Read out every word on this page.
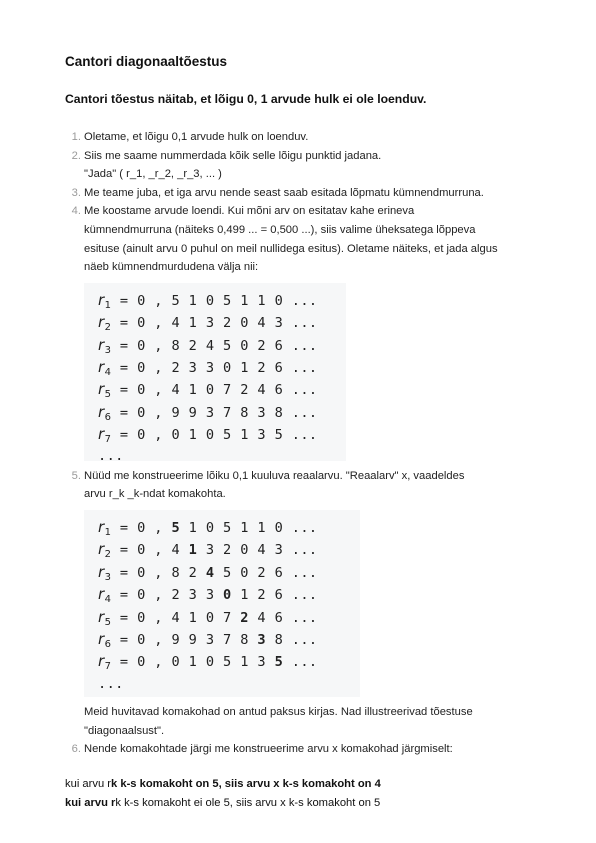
Cantori diagonaaltõestus
Cantori tõestus näitab, et lõigu 0, 1 arvude hulk ei ole loenduv.
1. Oletame, et lõigu 0,1 arvude hulk on loenduv.
2. Siis me saame nummerdada kõik selle lõigu punktid jadana.
"Jada" ( r_1, _r_2, _r_3, ... )
3. Me teame juba, et iga arvu nende seast saab esitada lõpmatu kümnendmurruna.
4. Me koostame arvude loendi. Kui mõni arv on esitatav kahe erineva
kümnendmurruna (näiteks 0,499 ... = 0,500 ...), siis valime üheksatega lõppeva
esituse (ainult arvu 0 puhul on meil nullidega esitus). Oletame näiteks, et jada algus
näeb kümnendmurdudena välja nii:
$r_1 = 0$ , 5 1 0 5 1 1 0 ...
$r_2 = 0$ , 4 1 3 2 0 4 3 ...
$r_3 = 0$ , 8 2 4 5 0 2 6 ...
$r_4 = 0$ , 2 3 3 0 1 2 6 ...
$r_5 = 0$ , 4 1 0 7 2 4 6 ...
$r_6 = 0$ , 9 9 3 7 8 3 8 ...
$r_7 = 0$ , 0 1 0 5 1 3 5 ...
...
5. Nüüd me konstrueerime lõiku 0,1 kuuluva reaalarvu. "Reaalarv" x, vaadeldes
arvu r_k _k-ndat komakohta.
$r_1 = 0$ , 5 1 0 5 1 1 0 ...
$r_2 = 0$ , 4 1 3 2 0 4 3 ...
$r_3 = 0$ , 8 2 4 5 0 2 6 ...
$r_4 = 0$ , 2 3 3 0 1 2 6 ...
$r_5 = 0$ , 4 1 0 7 2 4 6 ...
$r_6 = 0$ , 9 9 3 7 8 3 8 ...
$r_7 = 0$ , 0 1 0 5 1 3 5 ...
...
Meid huvitavad komakohad on antud paksus kirjas. Nad illustreerivad tõestuse
"diagonaalsust".
6. Nende komakohtade järgi me konstrueerime arvu x komakohad järgmiselt:
kui arvu rk k-s komakoht on 5, siis arvu x k-s komakoht on 4
kui arvu rk k-s komakoht ei ole 5, siis arvu x k-s komakoht on 5
